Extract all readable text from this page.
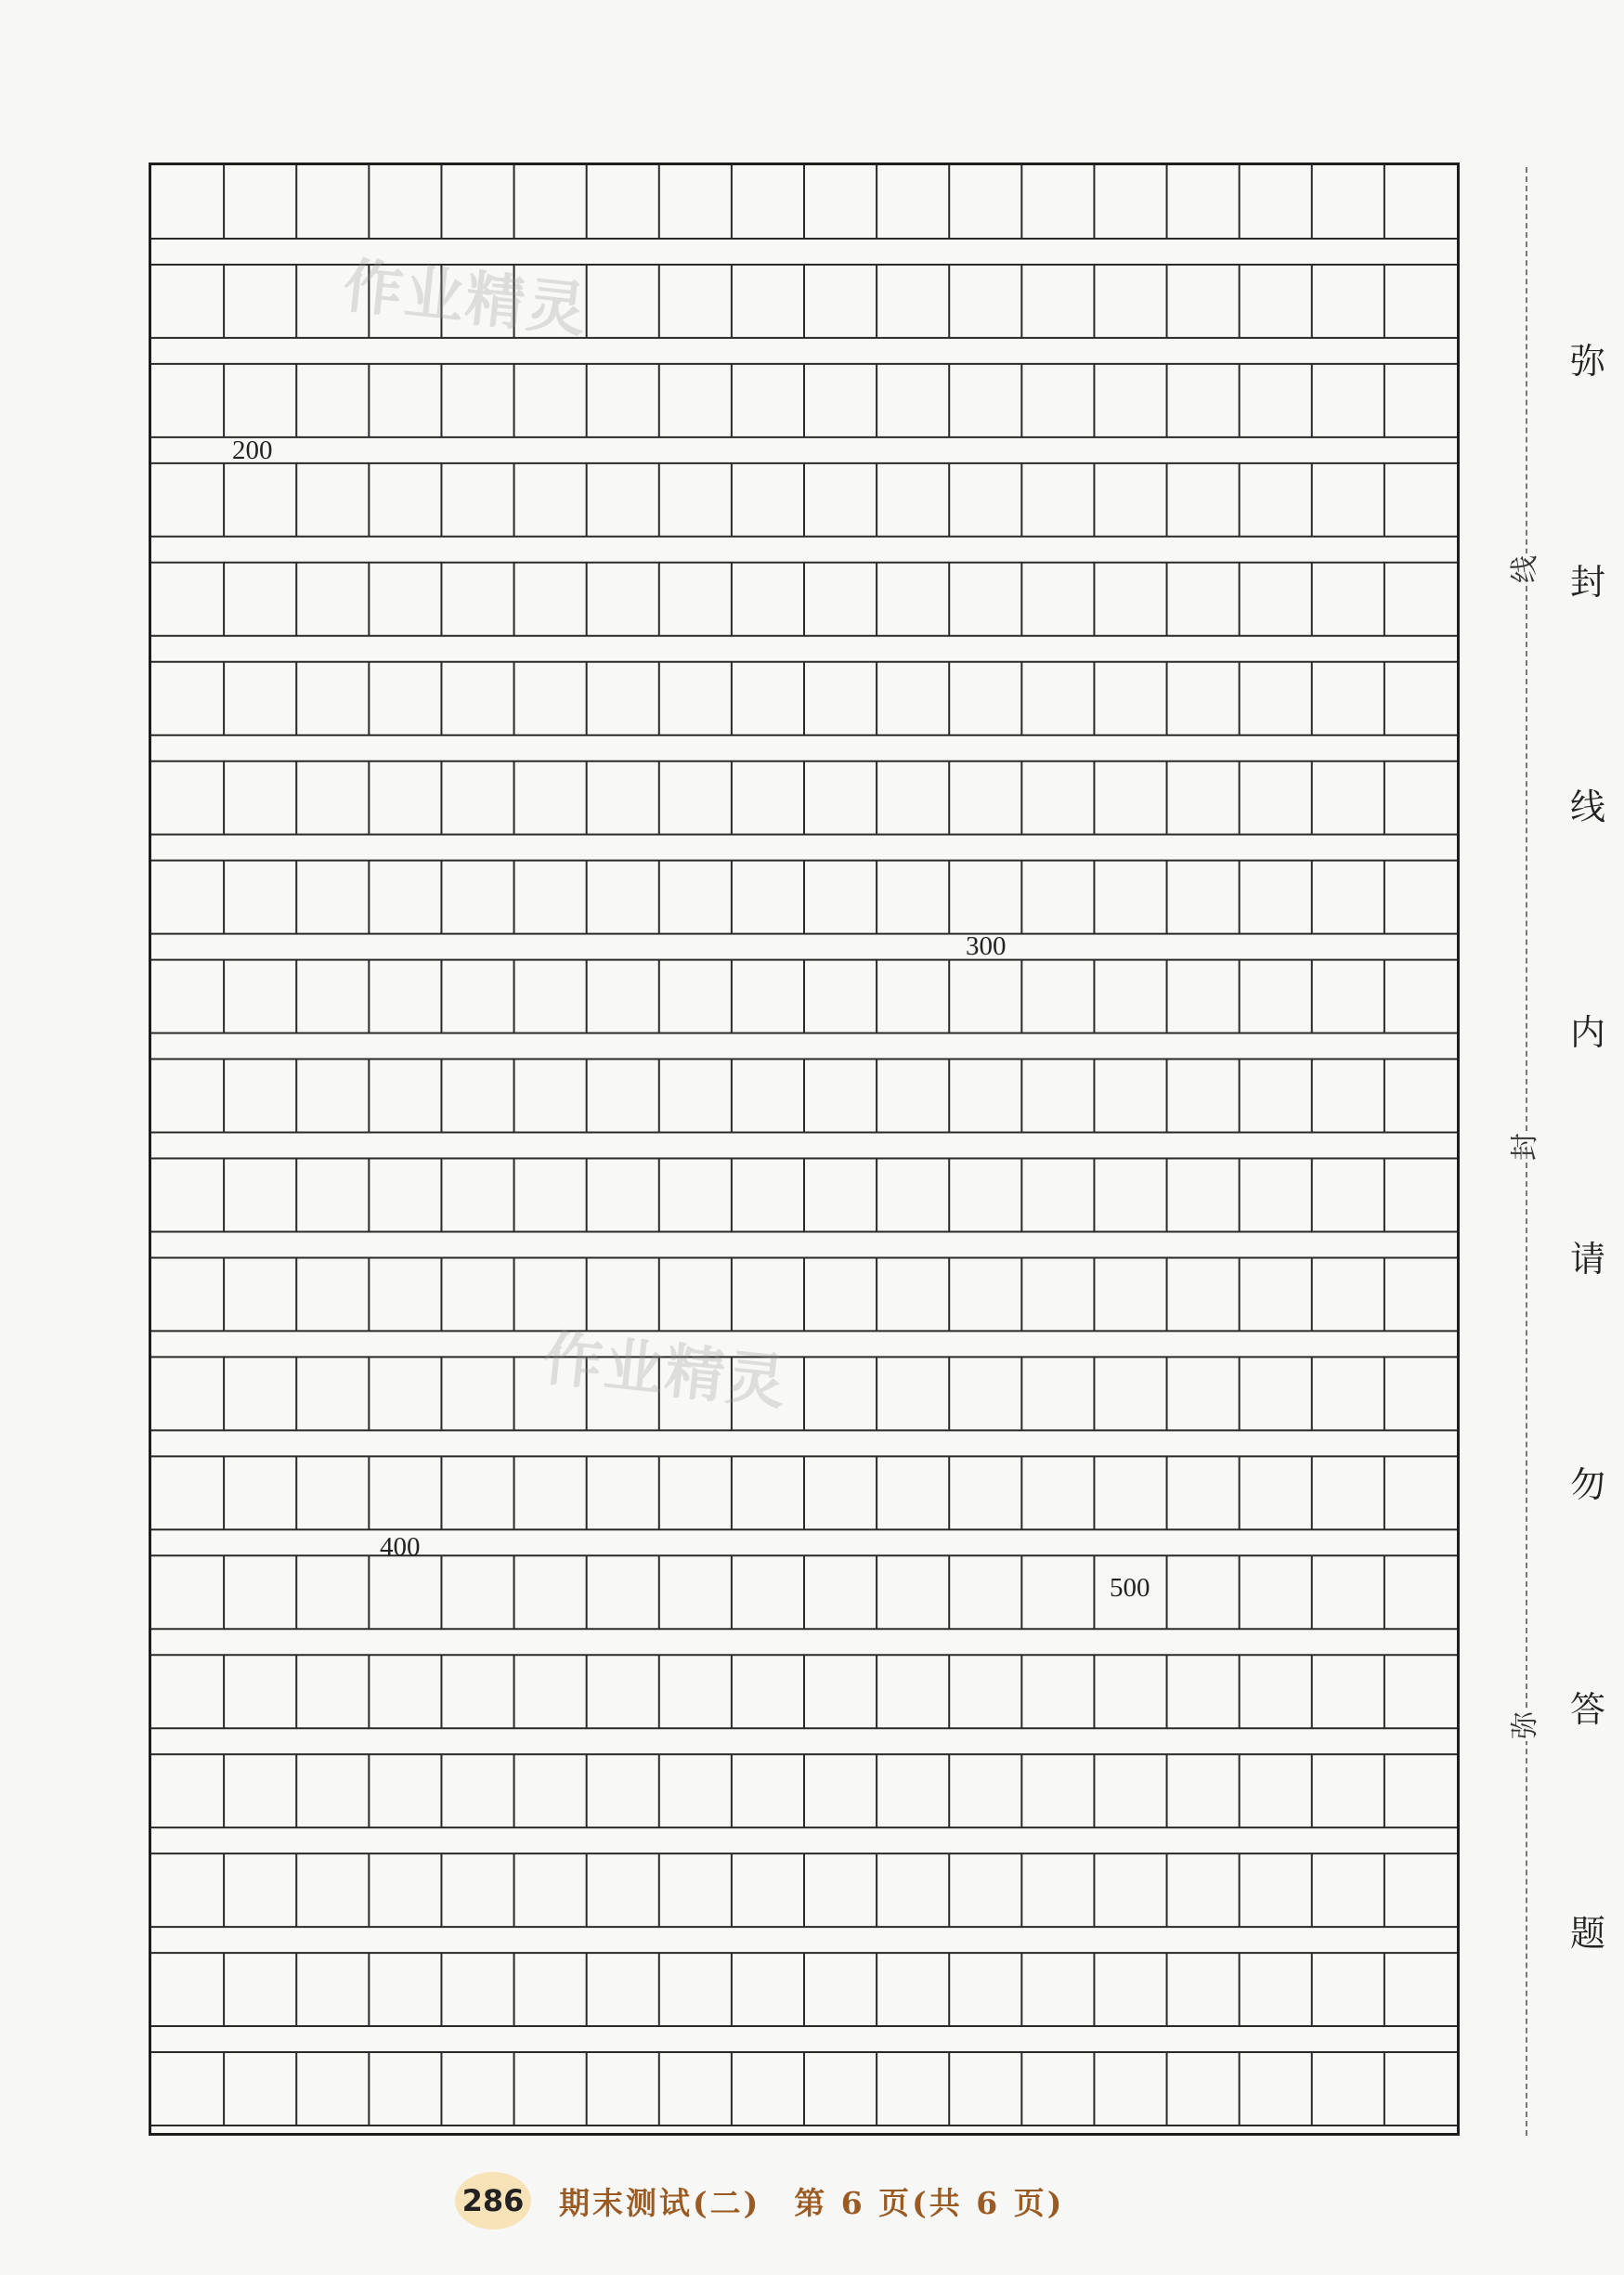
200
300
400
500
作业精灵
作业精灵
线
封
弥
弥
封
线
内
请
勿
答
题
286 期末测试(二)　第 6 页(共 6 页)
